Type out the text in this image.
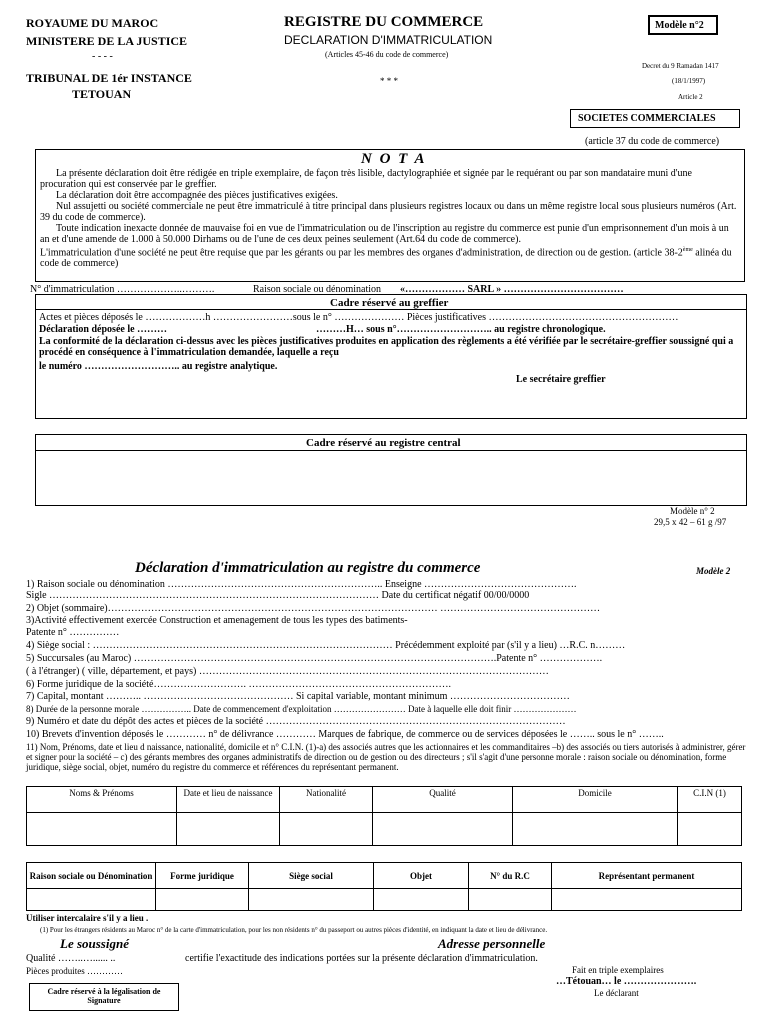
ROYAUME DU MAROC
MINISTERE DE LA JUSTICE
- - - -
TRIBUNAL DE 1ér INSTANCE
TETOUAN
REGISTRE DU COMMERCE
DECLARATION D'IMMATRICULATION
(Articles 45-46 du code de commerce)
* * *
Modèle n°2
Decret du 9 Ramadan 1417
(18/1/1997)
Article 2
SOCIETES COMMERCIALES
(article 37 du code de commerce)
N O T A
La présente déclaration doit être rédigée en triple exemplaire, de façon très lisible, dactylographiée et signée par le requérant ou par son mandataire muni d'une procuration qui est conservée par le greffier.
La déclaration doit être accompagnée des pièces justificatives exigées.
Nul assujetti ou société commerciale ne peut être immatriculé à titre principal dans plusieurs registres locaux ou dans un même registre local sous plusieurs numéros (Art. 39 du code de commerce).
Toute indication inexacte donnée de mauvaise foi en vue de l'immatriculation ou de l'inscription au registre du commerce est punie d'un emprisonnement d'un mois à un an et d'une amende de 1.000 à 50.000 Dirhams ou de l'une de ces deux peines seulement (Art.64 du code de commerce).
L'immatriculation d'une société ne peut être requise que par les gérants ou par les membres des organes d'administration, de direction ou de gestion. (article 38-2ème alinéa du code de commerce)
N° d'immatriculation ………………..……….	Raison sociale ou dénomination «……………… SARL » ………………………………
Cadre réservé au greffier
Actes et pièces déposés le ………………h ……………………sous le n° ………………… Pièces justificatives …………………………………………………
Déclaration déposée le ………	………H… sous n°……………………….. au registre chronologique.
La conformité de la déclaration ci-dessus avec les pièces justificatives produites en application des règlements a été vérifiée par le secrétaire-greffier soussigné qui a procédé en conséquence à l'immatriculation demandée, laquelle a reçu
le numéro ……………………….. au registre analytique.
Le secrétaire greffier
Cadre réservé au registre central
Modèle n° 2
29,5 x 42 – 61 g /97
Déclaration d'immatriculation au registre du commerce	Modèle 2
1) Raison sociale ou dénomination ……………………………………………………….. Enseigne ……………………………………….
Sigle ……………………………………………………………………………………… Date du certificat négatif 00/00/0000
2) Objet (sommaire)……………………………………………………………………………………… …………………………………………
3)Activité effectivement exercée Construction et amenagement de tous les types des batiments-
Patente n° ……………
4) Siège social : ……………………………………………………………………………… Précédemment exploité par (s'il y a lieu) …R.C. n………
5) Succursales (au Maroc) ……………………………………………………………………………………………….Patente n° ……………….
( à l'étranger) ( ville, département, et pays) ……………………………………………………………………………………………
6) Forme juridique de la société………………………. …………………………………………………….
7) Capital, montant ……….. ……………………………………… Si capital variable, montant minimum ………………………………
8) Durée de la personne morale …………….. Date de commencement d'exploitation …………………… Date à laquelle elle doit finir …………………
9) Numéro et date du dépôt des actes et pièces de la société ………………………………………………………………………………
10) Brevets d'invention déposés le ………… n° de délivrance ………… Marques de fabrique, de commerce ou de services déposées le …….. sous le n° ……..
11) Nom, Prénoms, date et lieu d naissance, nationalité, domicile et n° C.I.N. (1)-a) des associés autres que les actionnaires et les commanditaires –b) des associés ou tiers autorisés à administrer, gérer et signer pour la société – c) des gérants membres des organes administratifs de direction ou de gestion ou des directeurs ; s'il s'agit d'une personne morale : raison sociale ou dénomination, forme juridique, siège social, objet, numéro du registre du commerce et références du représentant permanent.
Noms & Prénoms	Date et lieu de naissance	Nationalité	Qualité	Domicile	C.I.N (1)

Raison sociale ou Dénomination	Forme juridique	Siège social	Objet	N° du R.C	Représentant permanent

Utiliser intercalaire s'il y a lieu .
(1) Pour les étrangers résidents au Maroc n° de la carte d'immatriculation, pour les non résidents n° du passeport ou autres pièces d'identité, en indiquant la date et lieu de délivrance.
Le soussigné	Adresse personnelle
Qualité ……..…...... ..	certifie l'exactitude des indications portées sur la présente déclaration d'immatriculation.
Pièces produites …………	Fait en triple exemplaires
…Tétouan… le ………………….
Le déclarant
Cadre réservé à la légalisation de Signature
